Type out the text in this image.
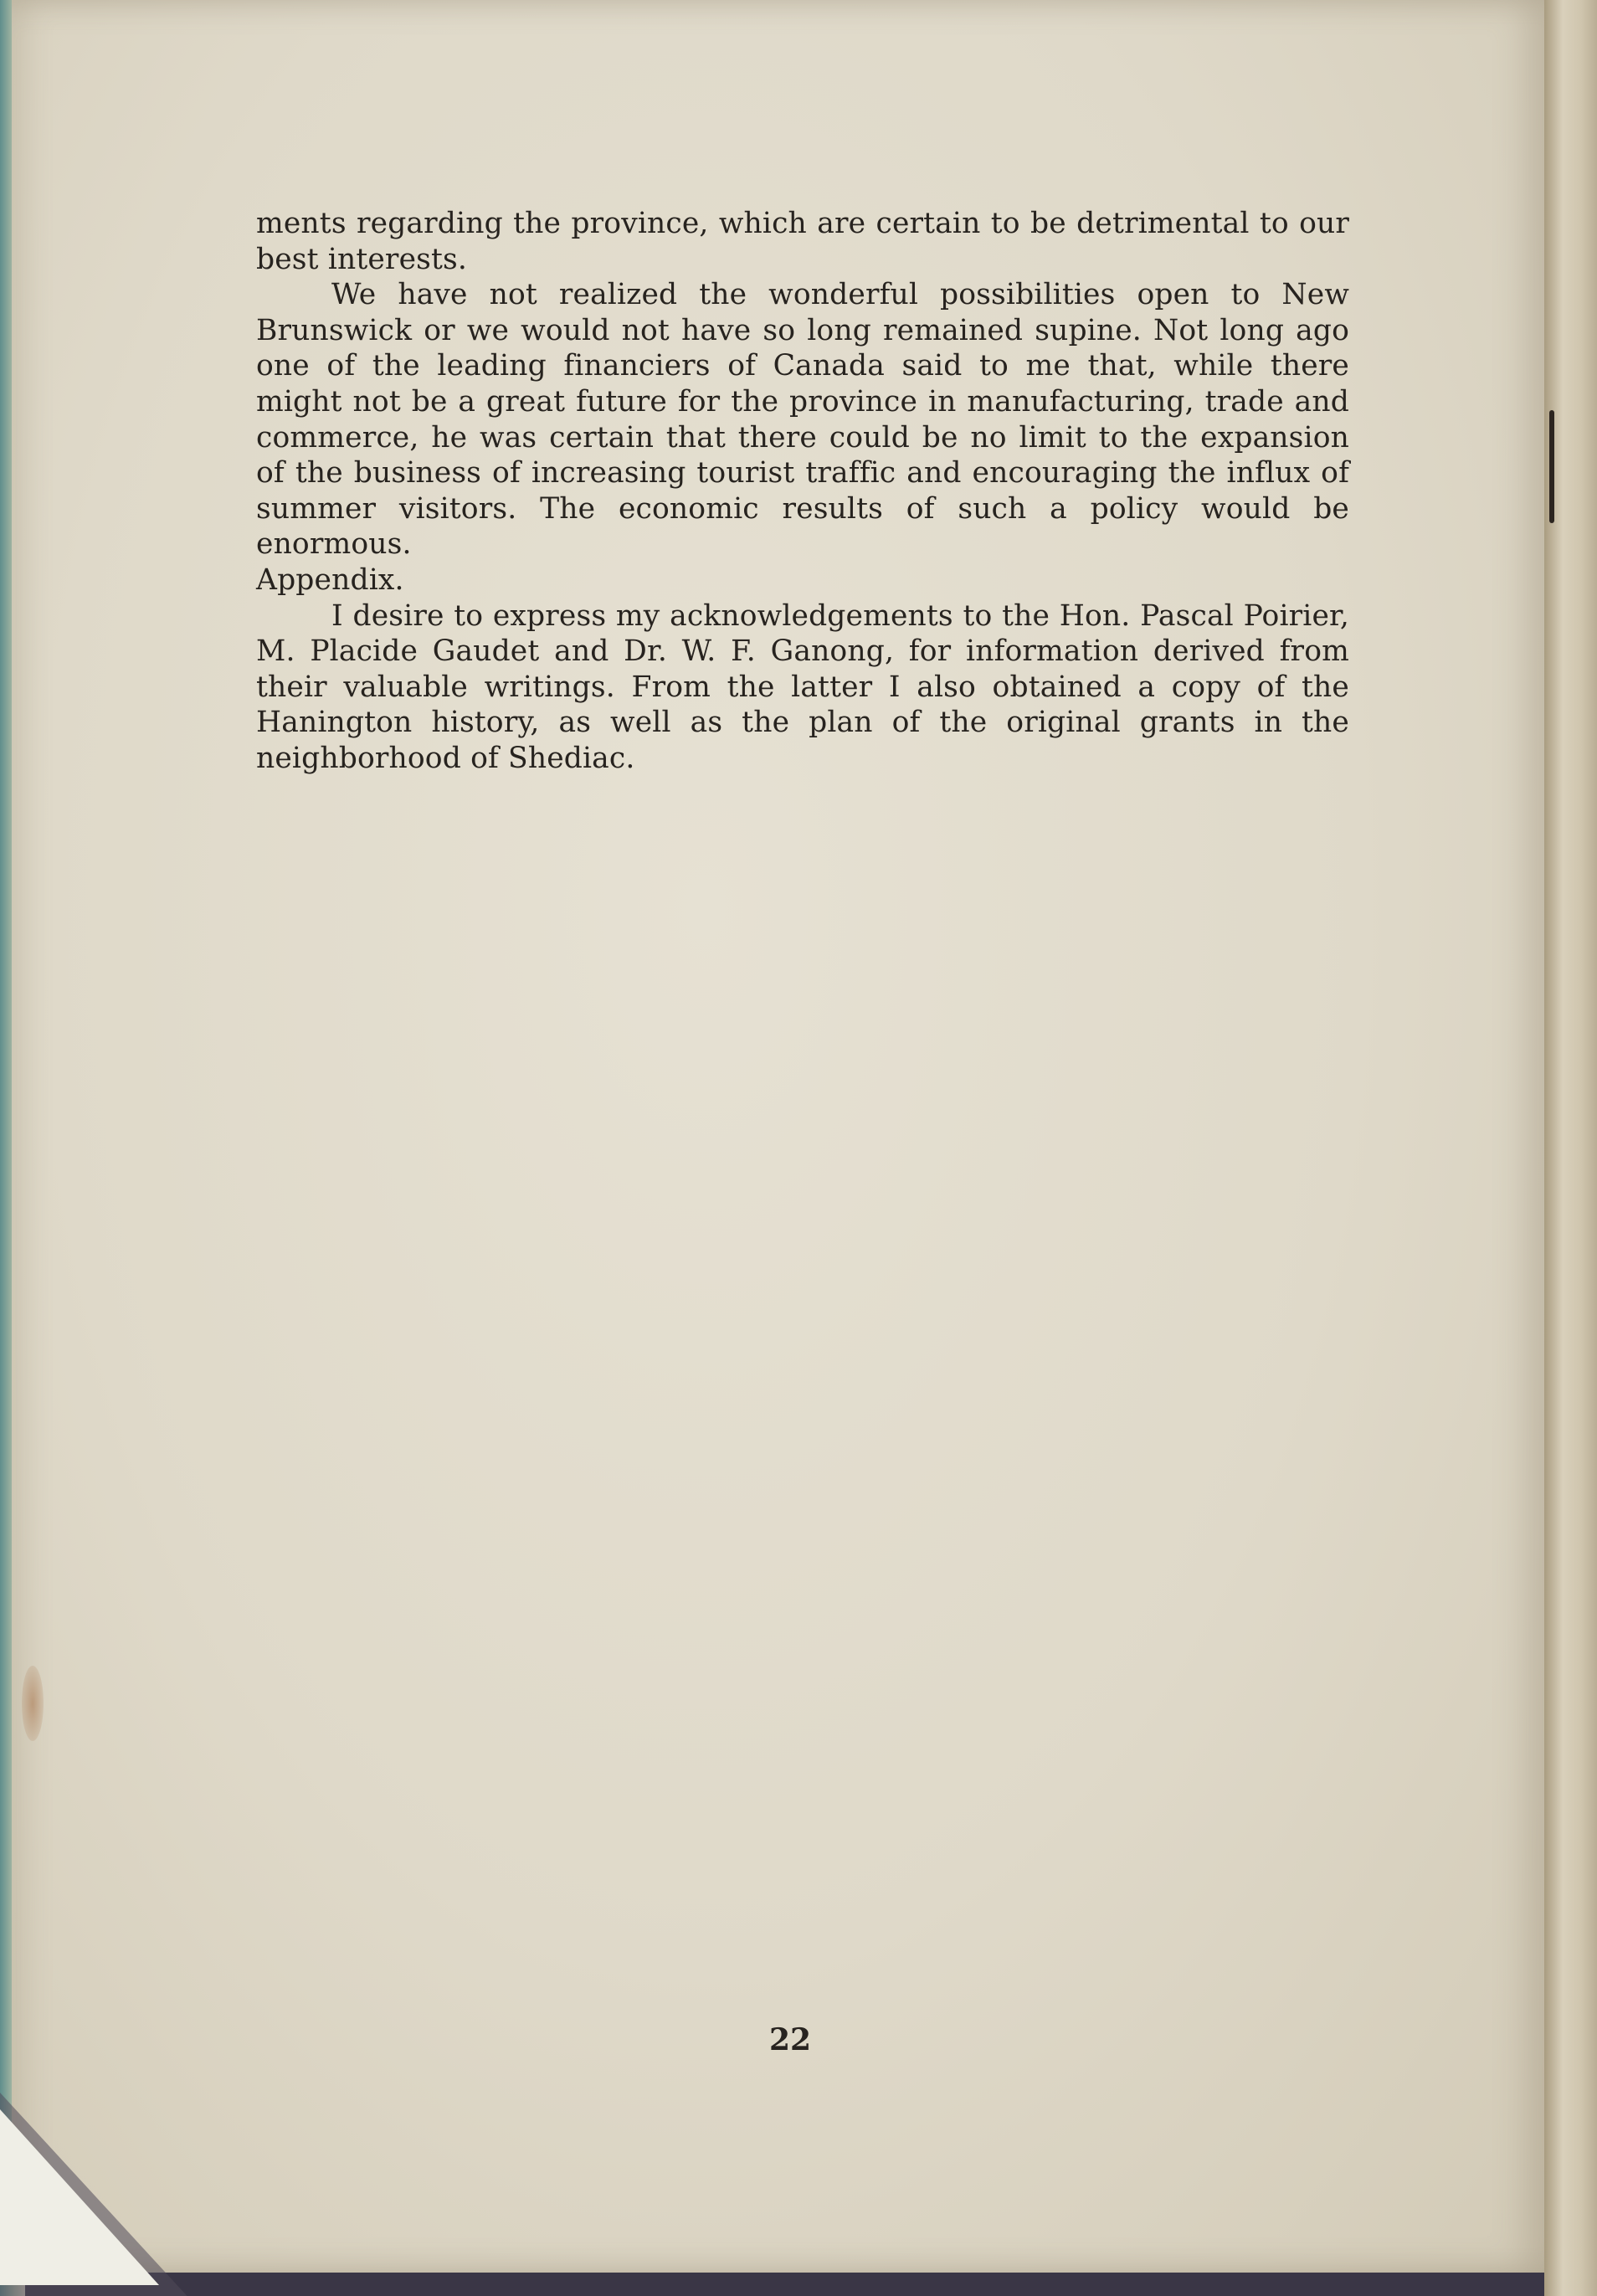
ments regarding the province, which are certain to be detrimental to our best interests.

We have not realized the wonderful possibilities open to New Brunswick or we would not have so long remained supine. Not long ago one of the leading financiers of Canada said to me that, while there might not be a great future for the province in manufacturing, trade and commerce, he was certain that there could be no limit to the expansion of the business of increasing tourist traffic and encouraging the influx of summer visitors. The economic results of such a policy would be enormous.

Appendix.

I desire to express my acknowledgements to the Hon. Pascal Poirier, M. Placide Gaudet and Dr. W. F. Ganong, for information derived from their valuable writings. From the latter I also obtained a copy of the Hanington history, as well as the plan of the original grants in the neighborhood of Shediac.

22
